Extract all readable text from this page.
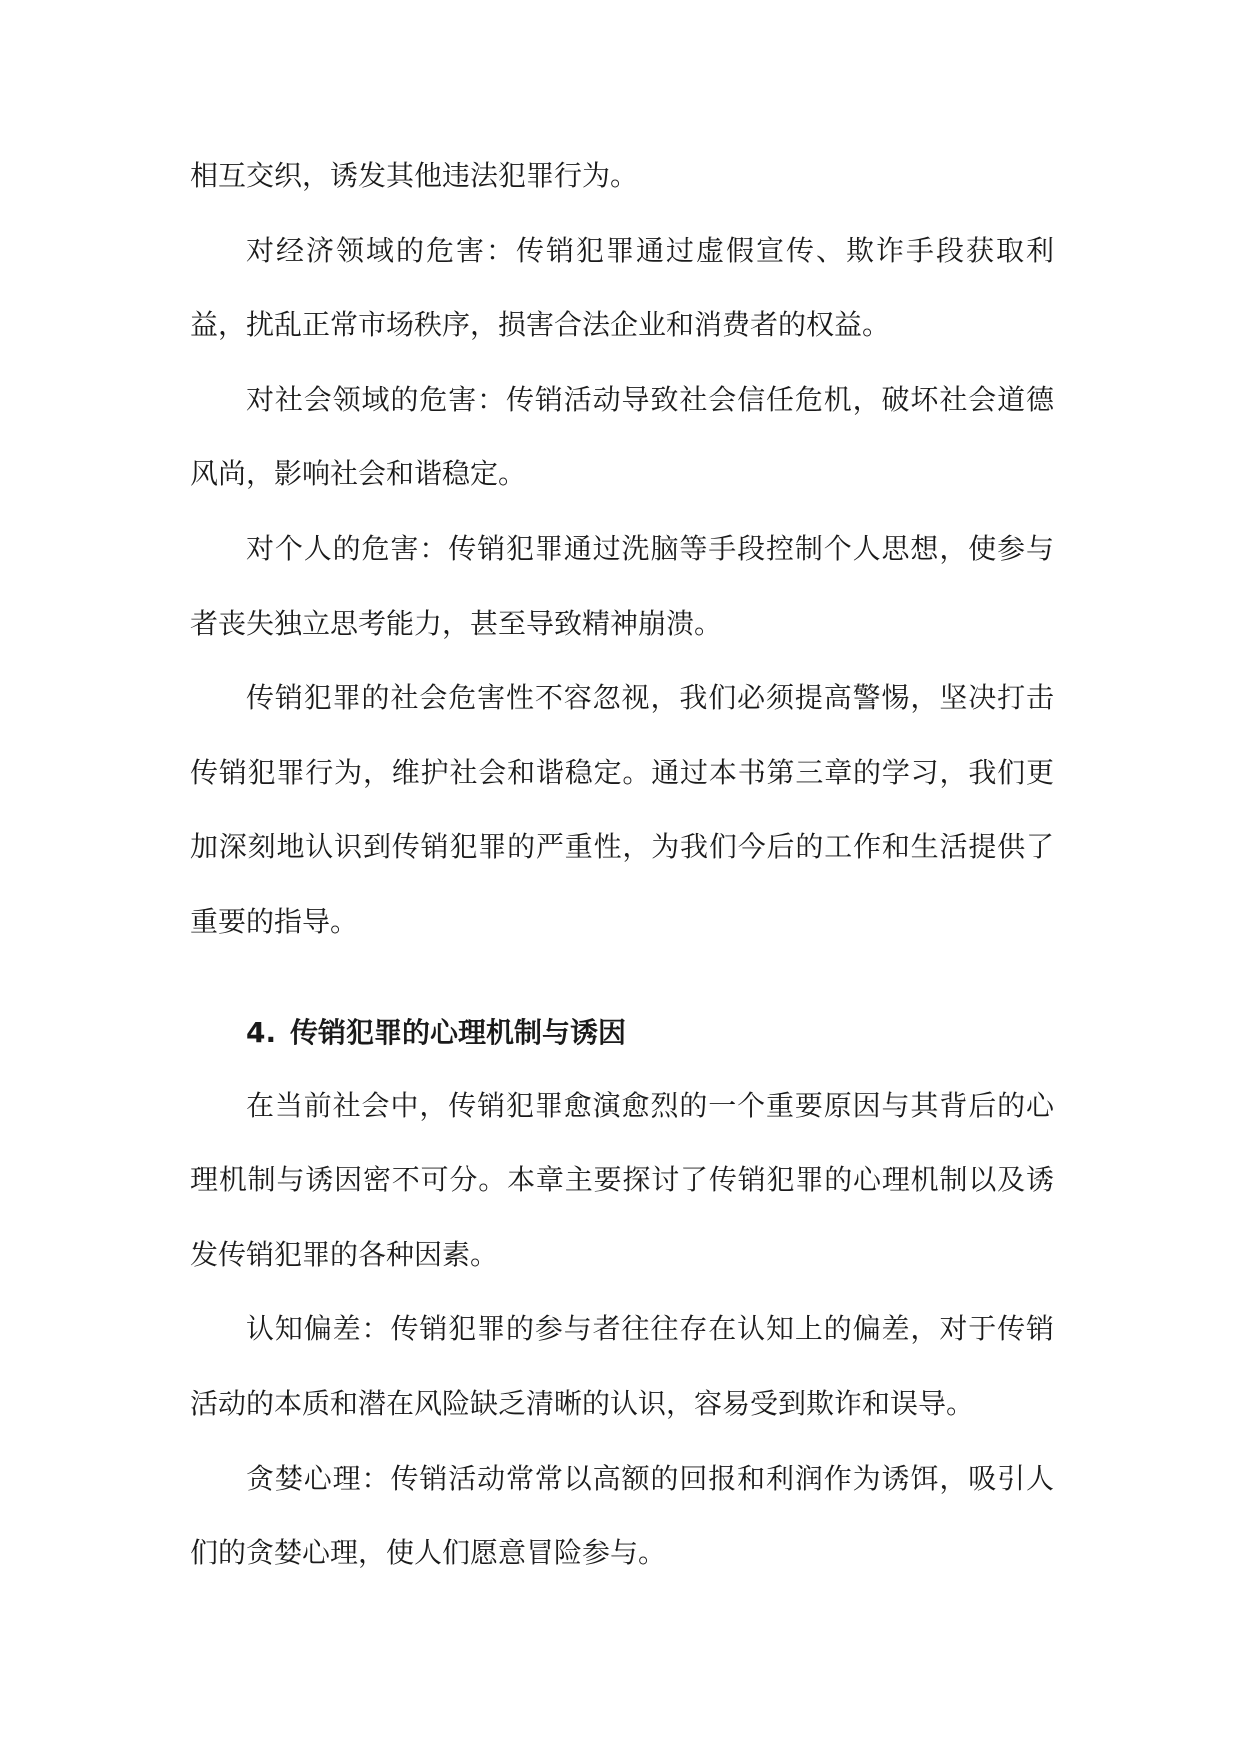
相互交织，诱发其他违法犯罪行为。

对经济领域的危害：传销犯罪通过虚假宣传、欺诈手段获取利益，扰乱正常市场秩序，损害合法企业和消费者的权益。

对社会领域的危害：传销活动导致社会信任危机，破坏社会道德风尚，影响社会和谐稳定。

对个人的危害：传销犯罪通过洗脑等手段控制个人思想，使参与者丧失独立思考能力，甚至导致精神崩溃。

传销犯罪的社会危害性不容忽视，我们必须提高警惕，坚决打击传销犯罪行为，维护社会和谐稳定。通过本书第三章的学习，我们更加深刻地认识到传销犯罪的严重性，为我们今后的工作和生活提供了重要的指导。

4. 传销犯罪的心理机制与诱因

在当前社会中，传销犯罪愈演愈烈的一个重要原因与其背后的心理机制与诱因密不可分。本章主要探讨了传销犯罪的心理机制以及诱发传销犯罪的各种因素。

认知偏差：传销犯罪的参与者往往存在认知上的偏差，对于传销活动的本质和潜在风险缺乏清晰的认识，容易受到欺诈和误导。

贪婪心理：传销活动常常以高额的回报和利润作为诱饵，吸引人们的贪婪心理，使人们愿意冒险参与。
